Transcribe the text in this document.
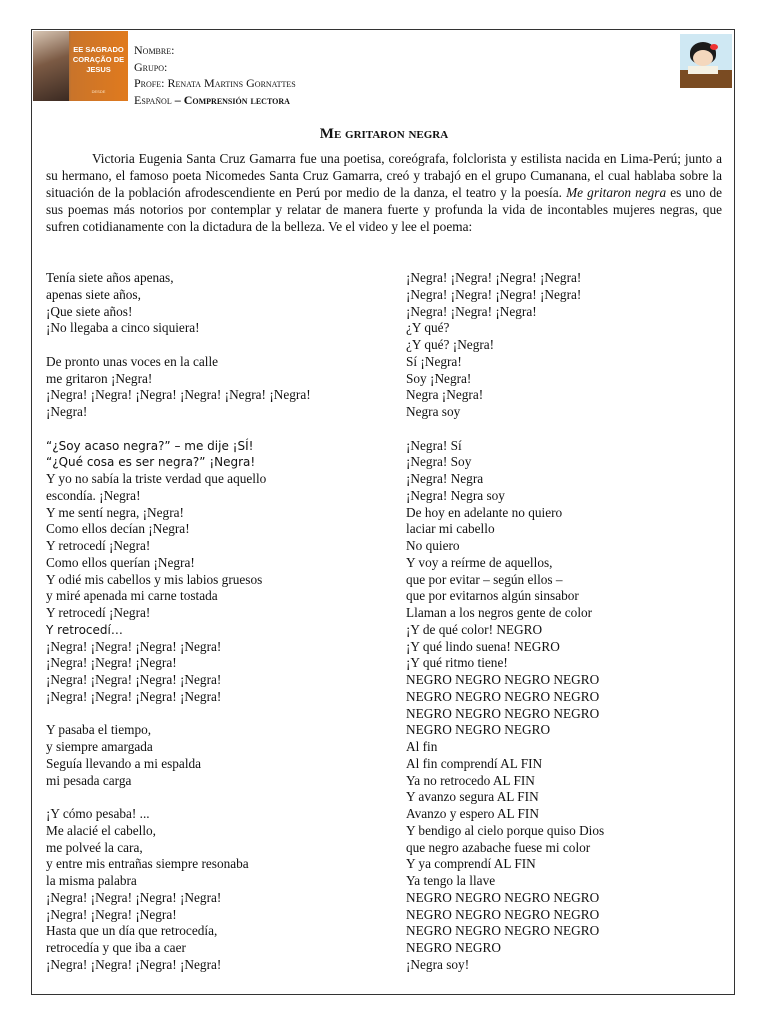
EE SAGRADO
CORAÇÃO DE
JESUS
DESDE
Nombre:
Grupo:
Profe: Renata Martins Gornattes
Español – Comprensión lectora
Me gritaron negra

Victoria Eugenia Santa Cruz Gamarra fue una poetisa, coreógrafa, folclorista y estilista nacida en Lima-Perú; junto a su hermano, el famoso poeta Nicomedes Santa Cruz Gamarra, creó y trabajó en el grupo Cumanana, el cual hablaba sobre la situación de la población afrodescendiente en Perú por medio de la danza, el teatro y la poesía. Me gritaron negra es uno de sus poemas más notorios por contemplar y relatar de manera fuerte y profunda la vida de incontables mujeres negras, que sufren cotidianamente con la dictadura de la belleza. Ve el video y lee el poema:

Tenía siete años apenas,
apenas siete años,
¡Que siete años!
¡No llegaba a cinco siquiera!
De pronto unas voces en la calle
me gritaron ¡Negra!
¡Negra! ¡Negra! ¡Negra! ¡Negra! ¡Negra! ¡Negra!
¡Negra!
“¿Soy acaso negra?” – me dije ¡SÍ!
“¿Qué cosa es ser negra?” ¡Negra!
Y yo no sabía la triste verdad que aquello
escondía. ¡Negra!
Y me sentí negra, ¡Negra!
Como ellos decían ¡Negra!
Y retrocedí ¡Negra!
Como ellos querían ¡Negra!
Y odié mis cabellos y mis labios gruesos
y miré apenada mi carne tostada
Y retrocedí ¡Negra!
Y retrocedí…
¡Negra! ¡Negra! ¡Negra! ¡Negra!
¡Negra! ¡Negra! ¡Negra!
¡Negra! ¡Negra! ¡Negra! ¡Negra!
¡Negra! ¡Negra! ¡Negra! ¡Negra!
Y pasaba el tiempo,
y siempre amargada
Seguía llevando a mi espalda
mi pesada carga
¡Y cómo pesaba! ...
Me alacié el cabello,
me polveé la cara,
y entre mis entrañas siempre resonaba
la misma palabra
¡Negra! ¡Negra! ¡Negra! ¡Negra!
¡Negra! ¡Negra! ¡Negra!
Hasta que un día que retrocedía,
retrocedía y que iba a caer
¡Negra! ¡Negra! ¡Negra! ¡Negra!
¡Negra! ¡Negra! ¡Negra! ¡Negra!
¡Negra! ¡Negra! ¡Negra! ¡Negra!
¡Negra! ¡Negra! ¡Negra!
¿Y qué?
¿Y qué? ¡Negra!
Sí ¡Negra!
Soy ¡Negra!
Negra ¡Negra!
Negra soy
¡Negra! Sí
¡Negra! Soy
¡Negra! Negra
¡Negra! Negra soy
De hoy en adelante no quiero
laciar mi cabello
No quiero
Y voy a reírme de aquellos,
que por evitar – según ellos –
que por evitarnos algún sinsabor
Llaman a los negros gente de color
¡Y de qué color! NEGRO
¡Y qué lindo suena! NEGRO
¡Y qué ritmo tiene!
NEGRO NEGRO NEGRO NEGRO
NEGRO NEGRO NEGRO NEGRO
NEGRO NEGRO NEGRO NEGRO
NEGRO NEGRO NEGRO
Al fin
Al fin comprendí AL FIN
Ya no retrocedo AL FIN
Y avanzo segura AL FIN
Avanzo y espero AL FIN
Y bendigo al cielo porque quiso Dios
que negro azabache fuese mi color
Y ya comprendí AL FIN
Ya tengo la llave
NEGRO NEGRO NEGRO NEGRO
NEGRO NEGRO NEGRO NEGRO
NEGRO NEGRO NEGRO NEGRO
NEGRO NEGRO
¡Negra soy!
